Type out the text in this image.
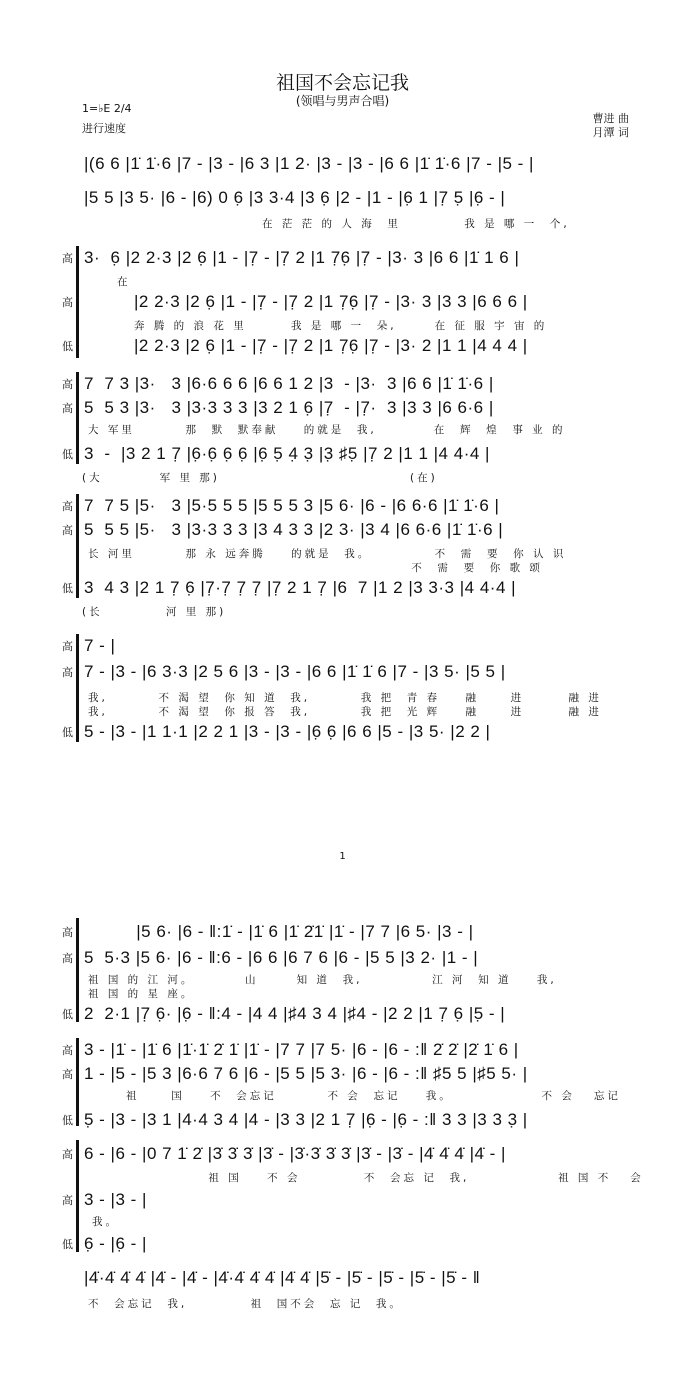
祖国不会忘记我
(领唱与男声合唱)
1=♭E 2/4
进行速度
曹进 曲
月潭 词
|(6 6 |1̇ 1̇·6 |7 - |3 - |6 3 |1 2· |3 - |3 - |6 6 |1̇ 1̇·6 |7 - |5 - |
|5 5 |3 5· |6 - |6) 0 6̣ |3 3·4 |3 6̣ |2 - |1 - |6̣ 1 |7̣ 5̣ |6̣ - |
在 茫 茫 的 人 海  里          我 是 哪 一  个,
高 3·  6̣ |2 2·3 |2 6̣ |1 - |7̣ - |7̣ 2 |1 7̣6̣ |7̣ - |3· 3 |6 6 |1̇ 1 6 |
在
高	|2 2·3 |2 6̣ |1 - |7̣ - |7̣ 2 |1 7̣6̣ |7̣ - |3· 3 |3 3 |6 6 6 |
奔 腾 的 浪 花 里       我 是 哪 一  朵,      在 征 服 宇 宙 的
低	|2 2·3 |2 6̣ |1 - |7̣ - |7̣ 2 |1 7̣6̣ |7̣ - |3· 2 |1 1 |4 4 4 |
高 7  7 3 |3·   3 |6·6 6 6 |6 6 1 2 |3  - |3·  3 |6 6 |1̇ 1̇·6 |
高 5  5 3 |3·   3 |3·3 3 3 |3 2 1 6̣ |7̣  - |7̣·  3 |3 3 |6 6·6 |
大 军里        那  默  默奉献    的就是  我,         在  辉  煌  事 业 的
低 3  -  |3 2 1 7̣ |6̣·6̣ 6̣ 6̣ |6̣ 5̣ 4̣ 3̣ |3̣ ♯5̣ |7̣ 2 |1 1 |4 4·4 |
(大         军 里 那)                              (在)
高 7  7 5 |5·   3 |5·5 5 5 |5 5 5 3 |5 6· |6 - |6 6·6 |1̇ 1̇·6 |
高 5  5 5 |5·   3 |3·3 3 3 |3 4 3 3 |2 3· |3 4 |6 6·6 |1̇ 1̇·6 |
长 河里        那 永 远奔腾    的就是  我。          不  需  要  你 认 识
不  需  要  你 歌 颂
低 3  4 3 |2 1 7̣ 6̣ |7̣·7̣ 7̣ 7̣ |7̣ 2 1 7̣ |6  7 |1 2 |3 3·3 |4 4·4 |
(长          河 里 那)
高 7 - |
高 7 - |3 - |6 3·3 |2 5 6 |3 - |3 - |6 6 |1̇ 1̇ 6 |7 - |3 5· |5 5 |
我,        不 渴 望  你 知 道  我,        我 把  青 春    融     进       融 进
我,        不 渴 望  你 报 答  我,        我 把  光 辉    融     进       融 进
低 5 - |3 - |1 1·1 |2 2 1 |3 - |3 - |6̣ 6̣ |6 6 |5 - |3 5· |2 2 |
1
高 |5 6· |6 - ‖:1̇ - |1̇ 6 |1̇ 2̇1̇ |1̇ - |7 7 |6 5· |3 - |
高 5  5·3 |5 6· |6 - ‖:6 - |6 6 |6 7 6 |6 - |5 5 |3 2· |1 - |
祖 国 的 江 河。        山      知 道  我,           江 河  知 道    我,
祖 国 的 星 座。
低 2  2·1 |7̣ 6̣· |6̣ - ‖:4 - |4 4 |♯4 3 4 |♯4 - |2 2 |1 7̣ 6̣ |5̣ - |
高 3 - |1̇ - |1̇ 6 |1̇·1̇ 2̇ 1̇ |1̇ - |7 7 |7 5· |6 - |6 - :‖ 2̇ 2̇ |2̇ 1̇ 6 |
高 1 - |5 - |5 3 |6·6 7 6 |6 - |5 5 |5 3· |6 - |6 - :‖ ♯5 5 |♯5 5· |
祖     国    不  会忘记        不 会  忘记    我。              不 会   忘记
低 5̣ - |3 - |3 1 |4·4 3 4 |4 - |3 3 |2 1 7̣ |6̣ - |6̣ - :‖ 3 3 |3 3 3̣ |
高 6 - |6 - |0 7 1̇ 2̇ |3̇ 3̇ 3̇ |3̇ - |3̇·3̇ 3̇ 3̇ |3̇ - |3̇ - |4̇ 4̇ 4̇ |4̇ - |
祖 国    不 会          不  会忘 记  我,              祖 国 不   会
高 3 - |3 - |
我。
低 6̣ - |6̣ - |
|4̇·4̇ 4̇ 4̇ |4̇ - |4̇ - |4̇·4̇ 4̇ 4̇ |4̇ 4̇ |5̇ - |5̇ - |5̇ - |5̇ - |5̇ - ‖
不  会忘记  我,          祖  国不会  忘 记  我。
